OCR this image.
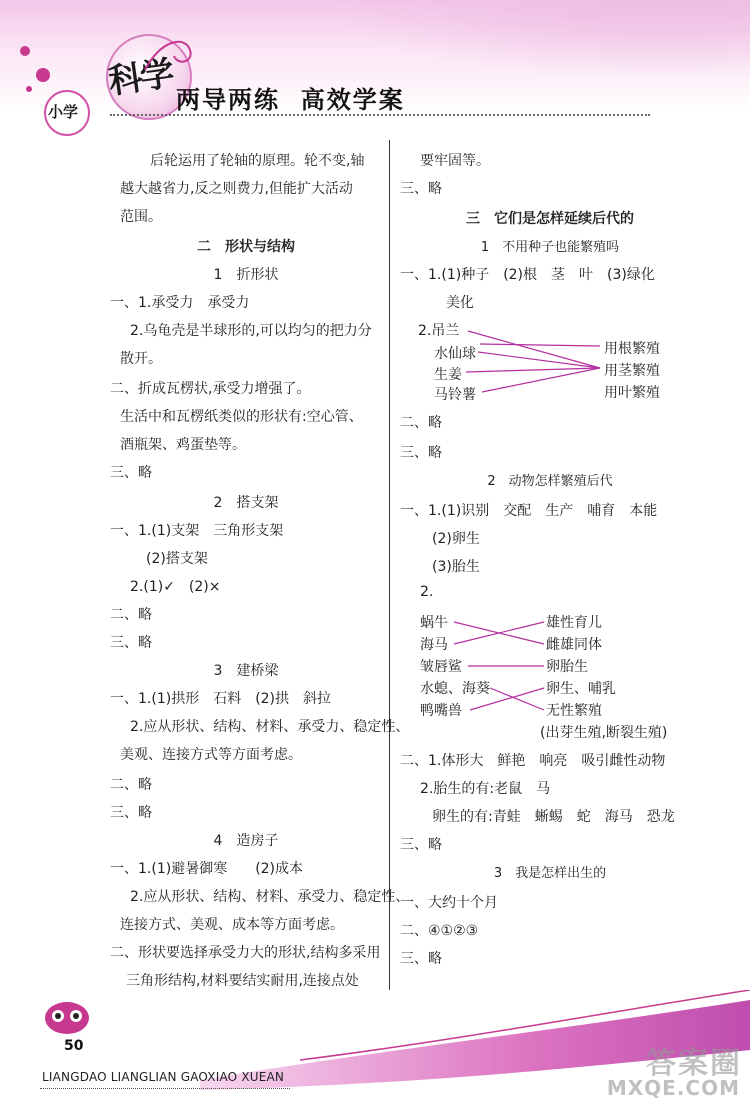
科学
小学	两导两练  高效学案
后轮运用了轮轴的原理。轮不变,轴
越大越省力,反之则费力,但能扩大活动
范围。
二　形状与结构
1　折形状
一、1.承受力　承受力
2.乌龟壳是半球形的,可以均匀的把力分
散开。
二、折成瓦楞状,承受力增强了。
生活中和瓦楞纸类似的形状有:空心管、
酒瓶架、鸡蛋垫等。
三、略
2　搭支架
一、1.(1)支架　三角形支架
(2)搭支架
2.(1)✓　(2)×
二、略
三、略
3　建桥梁
一、1.(1)拱形　石料　(2)拱　斜拉
2.应从形状、结构、材料、承受力、稳定性、
美观、连接方式等方面考虑。
二、略
三、略
4　造房子
一、1.(1)避暑御寒　　(2)成本
2.应从形状、结构、材料、承受力、稳定性、
连接方式、美观、成本等方面考虑。
二、形状要选择承受力大的形状,结构多采用
三角形结构,材料要结实耐用,连接点处
要牢固等。
三、略
三　它们是怎样延续后代的
1　不用种子也能繁殖吗
一、1.(1)种子　(2)根　茎　叶　(3)绿化
美化
2.吊兰
水仙球
生姜
马铃薯
用根繁殖
用茎繁殖
用叶繁殖
二、略
三、略
2　动物怎样繁殖后代
一、1.(1)识别　交配　生产　哺育　本能
(2)卵生
(3)胎生
2.
蜗牛
海马
皱唇鲨
水螅、海葵
鸭嘴兽
雄性育儿
雌雄同体
卵胎生
卵生、哺乳
无性繁殖
(出芽生殖,断裂生殖)
二、1.体形大　鲜艳　响亮　吸引雌性动物
2.胎生的有:老鼠　马
卵生的有:青蛙　蜥蜴　蛇　海马　恐龙
三、略
3　我是怎样出生的
一、大约十个月
二、④①②③
三、略
50
LIANGDAO LIANGLIAN GAOXIAO XUEAN	答案圈
MXQE.COM
